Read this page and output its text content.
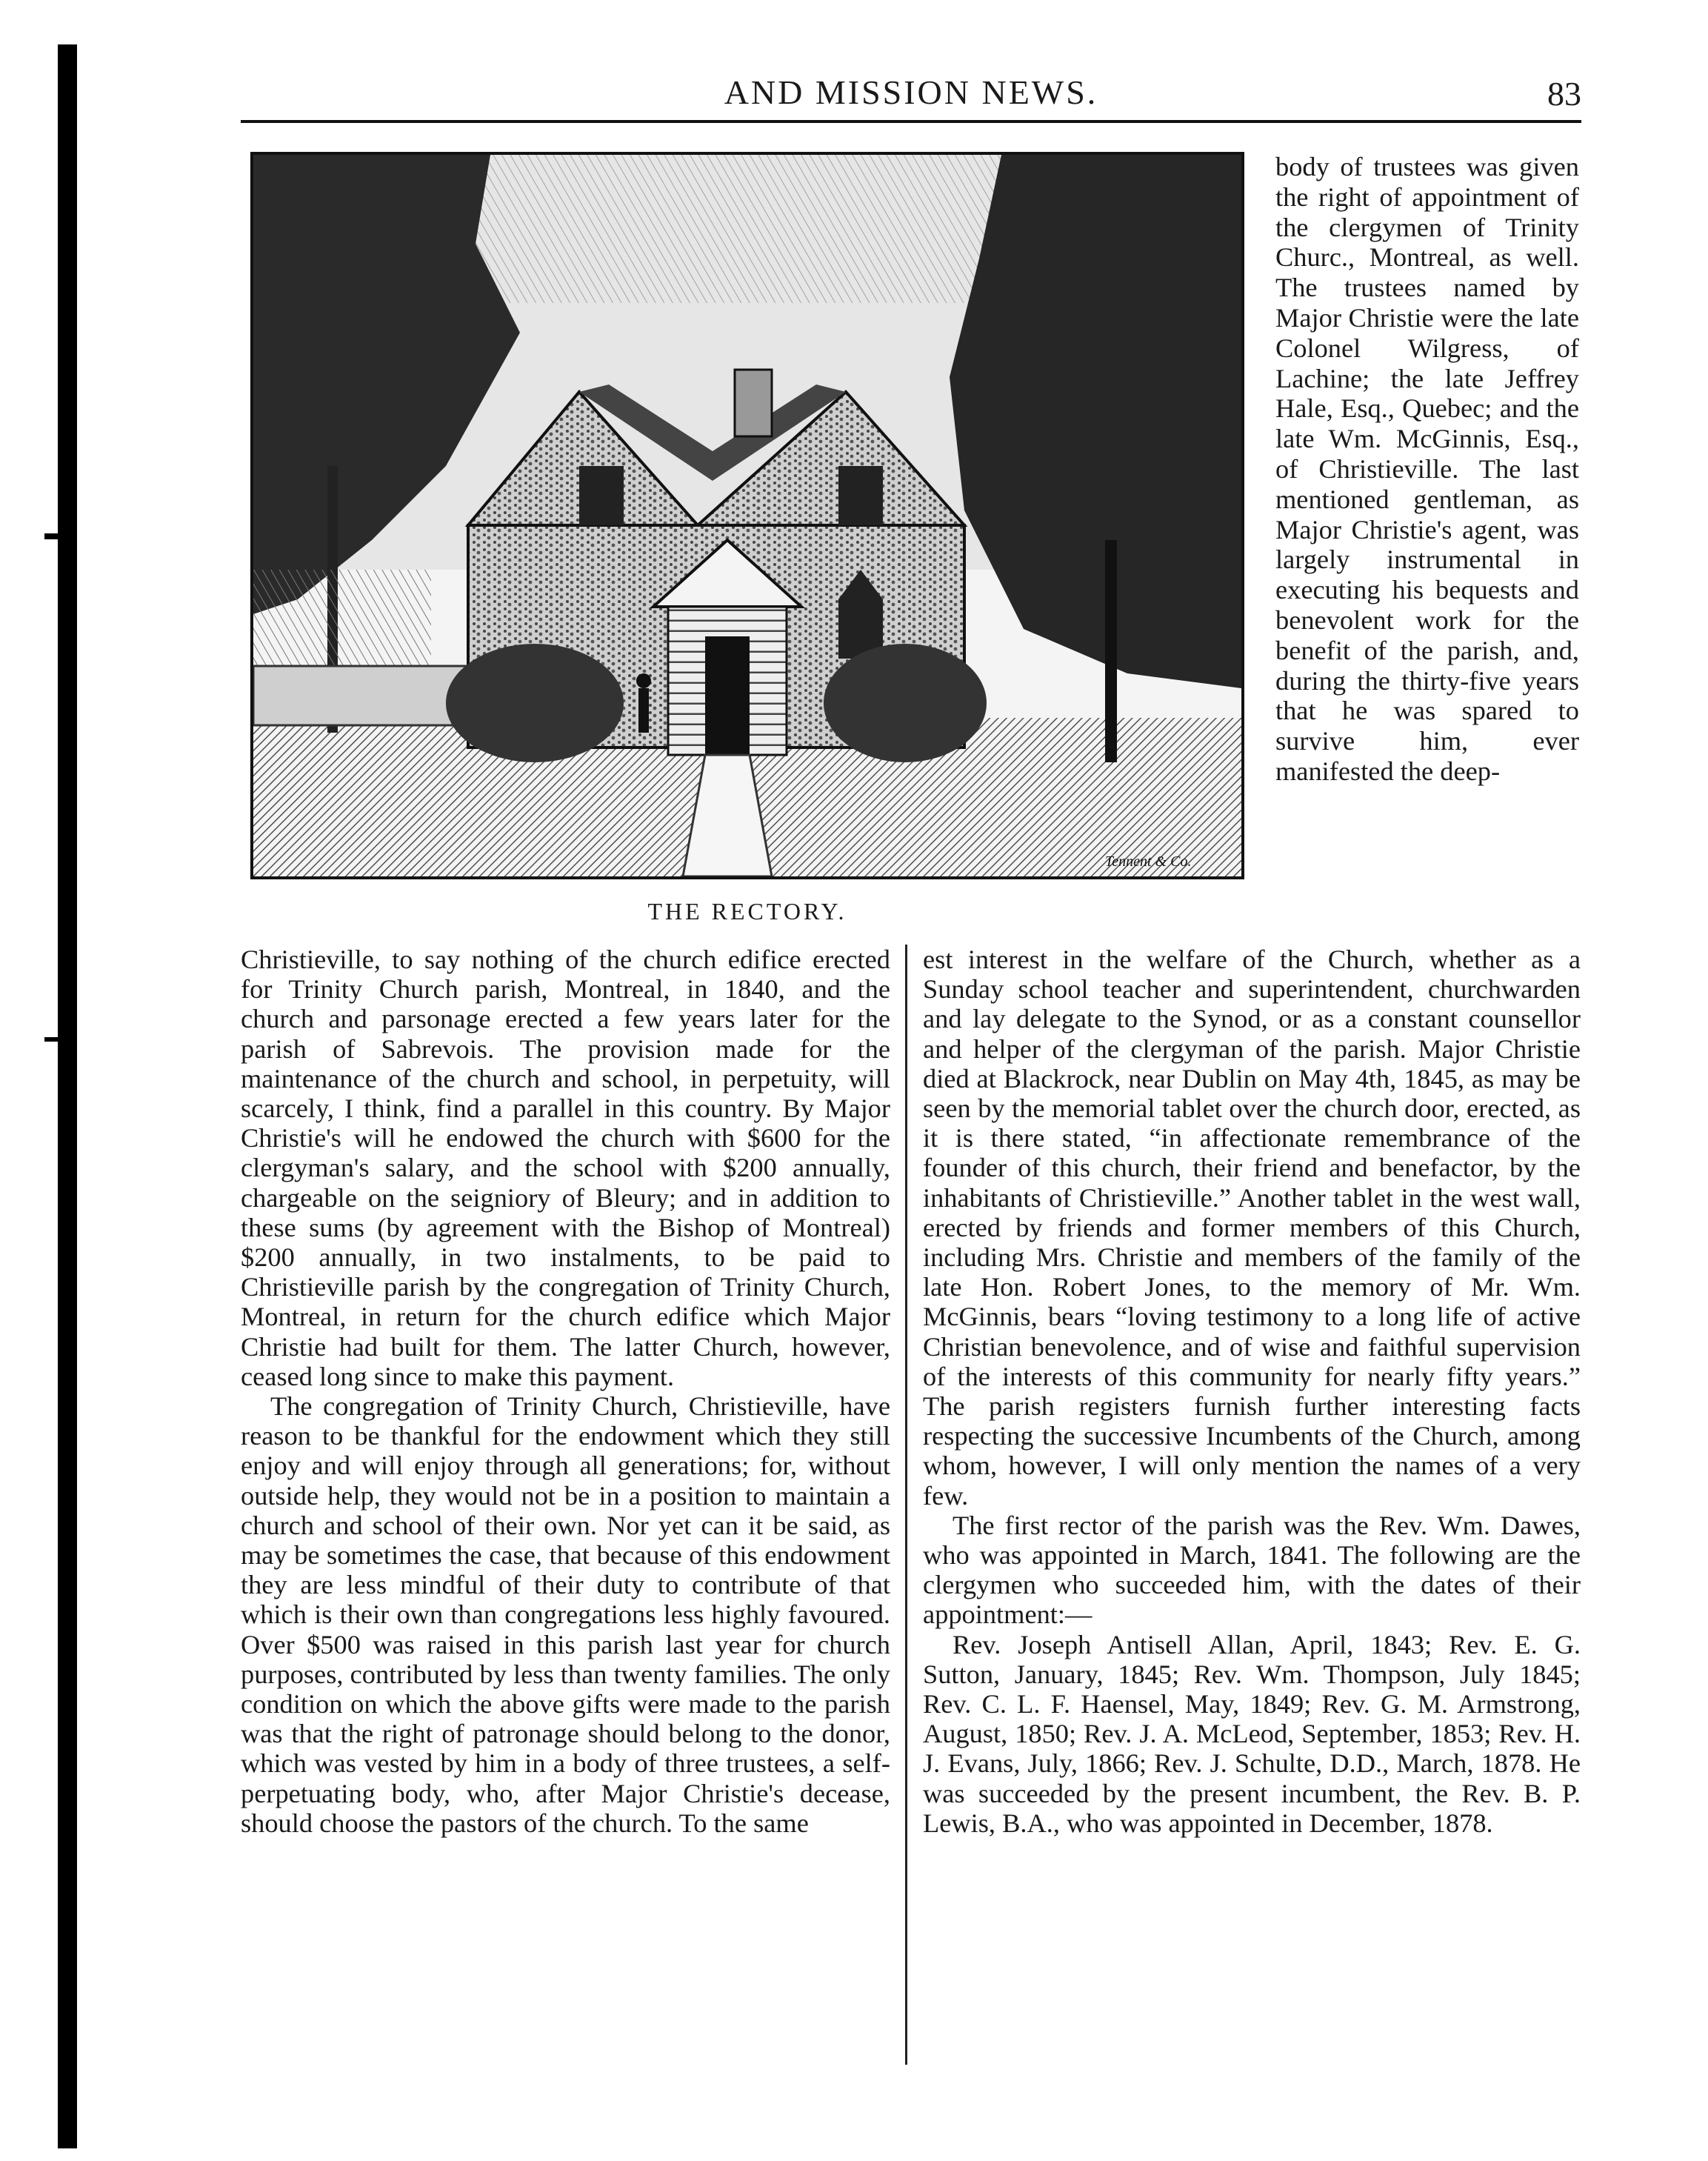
AND MISSION NEWS.	83
Tennent & Co.
THE RECTORY.

body of trustees was given the right of appointment of the clergymen of Trinity Churc., Montreal, as well. The trustees named by Major Christie were the late Colonel Wilgress, of Lachine; the late Jeffrey Hale, Esq., Quebec; and the late Wm. McGinnis, Esq., of Christieville. The last mentioned gentleman, as Major Christie's agent, was largely instrumental in executing his bequests and benevolent work for the benefit of the parish, and, during the thirty-five years that he was spared to survive him, ever manifested the deep-

Christieville, to say nothing of the church edifice erected for Trinity Church parish, Montreal, in 1840, and the church and parsonage erected a few years later for the parish of Sabrevois. The provision made for the maintenance of the church and school, in perpetuity, will scarcely, I think, find a parallel in this country. By Major Christie's will he endowed the church with $600 for the clergyman's salary, and the school with $200 annually, chargeable on the seigniory of Bleury; and in addition to these sums (by agreement with the Bishop of Montreal) $200 annually, in two instalments, to be paid to Christieville parish by the congregation of Trinity Church, Montreal, in return for the church edifice which Major Christie had built for them. The latter Church, however, ceased long since to make this payment.

The congregation of Trinity Church, Christieville, have reason to be thankful for the endowment which they still enjoy and will enjoy through all generations; for, without outside help, they would not be in a position to maintain a church and school of their own. Nor yet can it be said, as may be sometimes the case, that because of this endowment they are less mindful of their duty to contribute of that which is their own than congregations less highly favoured. Over $500 was raised in this parish last year for church purposes, contributed by less than twenty families. The only condition on which the above gifts were made to the parish was that the right of patronage should belong to the donor, which was vested by him in a body of three trustees, a self-perpetuating body, who, after Major Christie's decease, should choose the pastors of the church. To the same

est interest in the welfare of the Church, whether as a Sunday school teacher and superintendent, churchwarden and lay delegate to the Synod, or as a constant counsellor and helper of the clergyman of the parish. Major Christie died at Blackrock, near Dublin on May 4th, 1845, as may be seen by the memorial tablet over the church door, erected, as it is there stated, “in affectionate remembrance of the founder of this church, their friend and benefactor, by the inhabitants of Christieville.” Another tablet in the west wall, erected by friends and former members of this Church, including Mrs. Christie and members of the family of the late Hon. Robert Jones, to the memory of Mr. Wm. McGinnis, bears “loving testimony to a long life of active Christian benevolence, and of wise and faithful supervision of the interests of this community for nearly fifty years.” The parish registers furnish further interesting facts respecting the successive Incumbents of the Church, among whom, however, I will only mention the names of a very few.

The first rector of the parish was the Rev. Wm. Dawes, who was appointed in March, 1841. The following are the clergymen who succeeded him, with the dates of their appointment:—

Rev. Joseph Antisell Allan, April, 1843; Rev. E. G. Sutton, January, 1845; Rev. Wm. Thompson, July 1845; Rev. C. L. F. Haensel, May, 1849; Rev. G. M. Armstrong, August, 1850; Rev. J. A. McLeod, September, 1853; Rev. H. J. Evans, July, 1866; Rev. J. Schulte, D.D., March, 1878. He was succeeded by the present incumbent, the Rev. B. P. Lewis, B.A., who was appointed in December, 1878.
